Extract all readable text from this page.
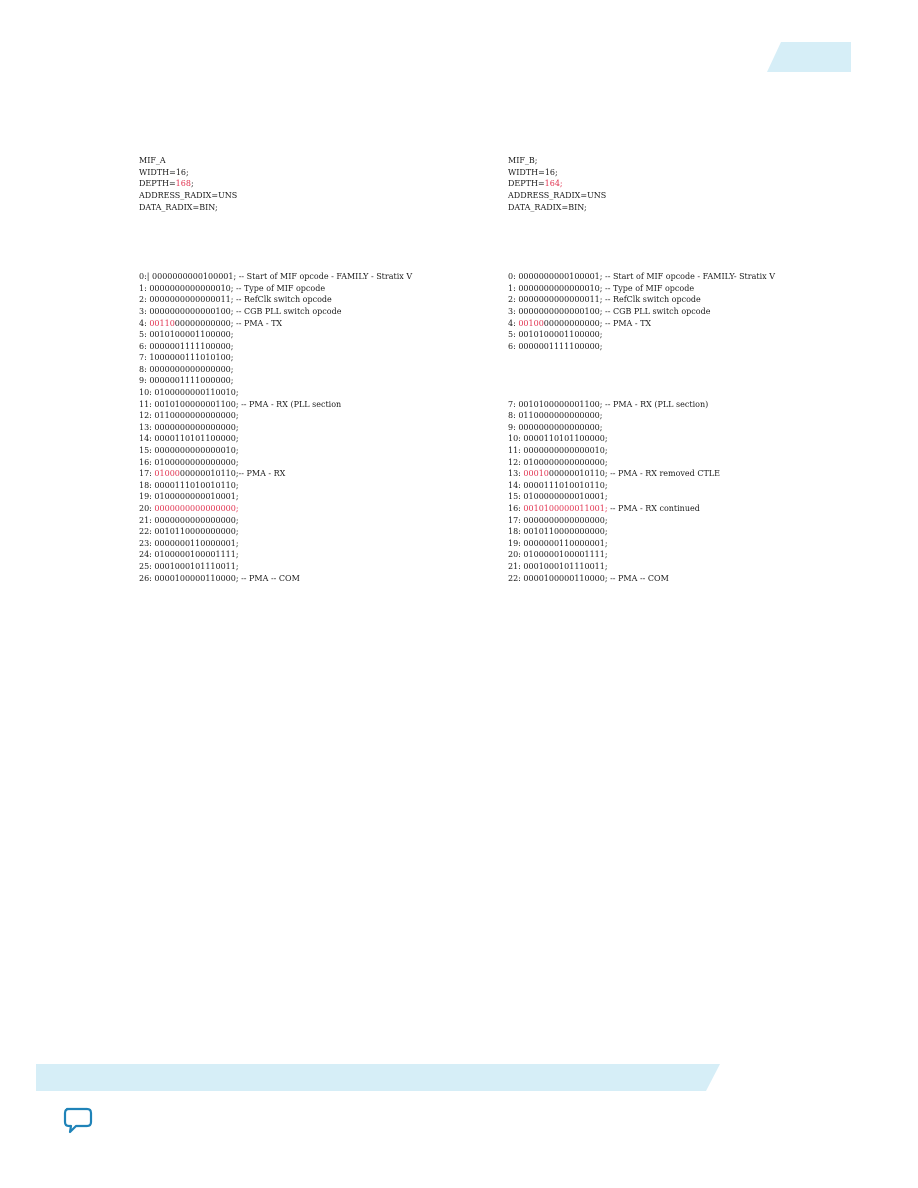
MIF_A
WIDTH=16;
DEPTH=168;
ADDRESS_RADIX=UNS
DATA_RADIX=BIN;

0:| 0000000000100001; -- Start of MIF opcode - FAMILY - Stratix V
1: 0000000000000010; -- Type of MIF opcode
2: 0000000000000011; -- RefClk switch opcode
3: 0000000000000100; -- CGB PLL switch opcode
4: 0011000000000000; -- PMA - TX
5: 0010100001100000;
6: 0000001111100000;
7: 1000000111010100;
8: 0000000000000000;
9: 0000001111000000;
10: 0100000000110010;
11: 0010100000001100; -- PMA - RX (PLL section
12: 0110000000000000;
13: 0000000000000000;
14: 0000110101100000;
15: 0000000000000010;
16: 0100000000000000;
17: 0100000000010110;-- PMA - RX
18: 0000111010010110;
19: 0100000000010001;
20: 0000000000000000;
21: 0000000000000000;
22: 0010110000000000;
23: 0000000110000001;
24: 0100000100001111;
25: 0001000101110011;
26: 0000100000110000; -- PMA -- COM

MIF_B;
WIDTH=16;
DEPTH=164;
ADDRESS_RADIX=UNS
DATA_RADIX=BIN;

0: 0000000000100001; -- Start of MIF opcode - FAMILY- Stratix V
1: 0000000000000010; -- Type of MIF opcode
2: 0000000000000011; -- RefClk switch opcode
3: 0000000000000100; -- CGB PLL switch opcode
4: 0010000000000000; -- PMA - TX
5: 0010100001100000;
6: 0000001111100000;
7: 0010100000001100; -- PMA - RX (PLL section)
8: 0110000000000000;
9: 0000000000000000;
10: 0000110101100000;
11: 0000000000000010;
12: 0100000000000000;
13: 0001000000010110; -- PMA - RX removed CTLE
14: 0000111010010110;
15: 0100000000010001;
16: 0010100000011001; -- PMA - RX continued
17: 0000000000000000;
18: 0010110000000000;
19: 0000000110000001;
20: 0100000100001111;
21: 0001000101110011;
22: 0000100000110000; -- PMA -- COM
